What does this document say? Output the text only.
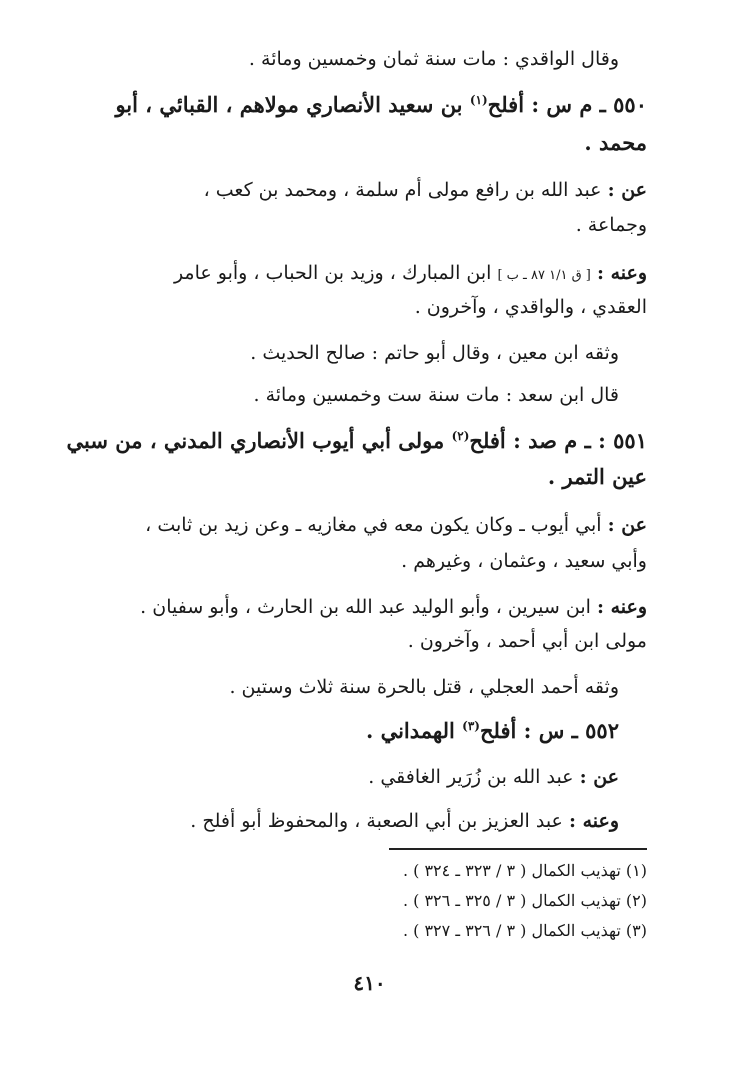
وقال الواقدي : مات سنة ثمان وخمسين ومائة .
٥٥٠ ـ م س : أفلح$^{(١)}$ بن سعيد الأنصاري مولاهم ، القبائي ، أبو
محمد .
عن : عبد الله بن رافع مولى أم سلمة ، ومحمد بن كعب ،
وجماعة .
وعنه : [ ق ١/١ ٨٧ ـ ب ] ابن المبارك ، وزيد بن الحباب ، وأبو عامر
العقدي ، والواقدي ، وآخرون .
وثقه ابن معين ، وقال أبو حاتم : صالح الحديث .
قال ابن سعد : مات سنة ست وخمسين ومائة .
٥٥١ : ـ م صد : أفلح$^{(٢)}$ مولى أبي أيوب الأنصاري المدني ، من سبي
عين التمر .
عن : أبي أيوب ـ وكان يكون معه في مغازيه ـ وعن زيد بن ثابت ،
وأبي سعيد ، وعثمان ، وغيرهم .
وعنه : ابن سيرين ، وأبو الوليد عبد الله بن الحارث ، وأبو سفيان .
مولى ابن أبي أحمد ، وآخرون .
وثقه أحمد العجلي ، قتل بالحرة سنة ثلاث وستين .
٥٥٢ ـ س : أفلح$^{(٣)}$ الهمداني .
عن : عبد الله بن زُرَير الغافقي .
وعنه : عبد العزيز بن أبي الصعبة ، والمحفوظ أبو أفلح .
(١) تهذيب الكمال ( ٣ / ٣٢٣ ـ ٣٢٤ ) .
(٢) تهذيب الكمال ( ٣ / ٣٢٥ ـ ٣٢٦ ) .
(٣) تهذيب الكمال ( ٣ / ٣٢٦ ـ ٣٢٧ ) .
٤١٠
